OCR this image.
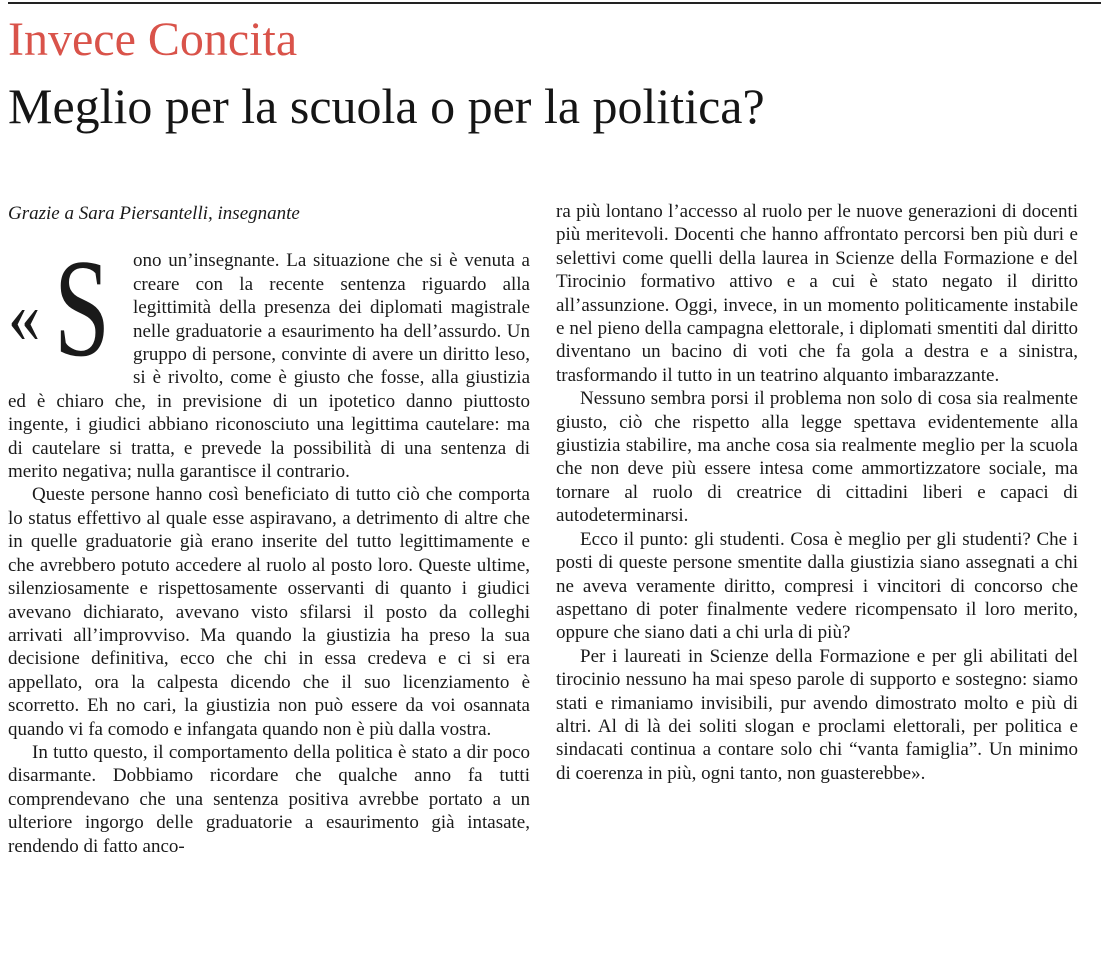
Invece Concita
Meglio per la scuola o per la politica?
Grazie a Sara Piersantelli, insegnante
« S	ono un’insegnante. La situazione che si è venuta a creare con la recente sentenza riguardo alla legittimità della presenza dei diplomati magistrale nelle graduatorie a esaurimento ha dell’assurdo. Un gruppo di persone, convinte di avere un diritto leso, si è rivolto, come è giusto che fosse, alla giustizia ed è chiaro che, in previsione di un ipotetico danno piuttosto ingente, i giudici abbiano riconosciuto una legittima cautelare: ma di cautelare si tratta, e prevede la possibilità di una sentenza di merito negativa; nulla garantisce il contrario.

Queste persone hanno così beneficiato di tutto ciò che comporta lo status effettivo al quale esse aspiravano, a detrimento di altre che in quelle graduatorie già erano inserite del tutto legittimamente e che avrebbero potuto accedere al ruolo al posto loro. Queste ultime, silenziosamente e rispettosamente osservanti di quanto i giudici avevano dichiarato, avevano visto sfilarsi il posto da colleghi arrivati all’improvviso. Ma quando la giustizia ha preso la sua decisione definitiva, ecco che chi in essa credeva e ci si era appellato, ora la calpesta dicendo che il suo licenziamento è scorretto. Eh no cari, la giustizia non può essere da voi osannata quando vi fa comodo e infangata quando non è più dalla vostra.

In tutto questo, il comportamento della politica è stato a dir poco disarmante. Dobbiamo ricordare che qualche anno fa tutti comprendevano che una sentenza positiva avrebbe portato a un ulteriore ingorgo delle graduatorie a esaurimento già intasate, rendendo di fatto anco-

ra più lontano l’accesso al ruolo per le nuove generazioni di docenti più meritevoli. Docenti che hanno affrontato percorsi ben più duri e selettivi come quelli della laurea in Scienze della Formazione e del Tirocinio formativo attivo e a cui è stato negato il diritto all’assunzione. Oggi, invece, in un momento politicamente instabile e nel pieno della campagna elettorale, i diplomati smentiti dal diritto diventano un bacino di voti che fa gola a destra e a sinistra, trasformando il tutto in un teatrino alquanto imbarazzante.

Nessuno sembra porsi il problema non solo di cosa sia realmente giusto, ciò che rispetto alla legge spettava evidentemente alla giustizia stabilire, ma anche cosa sia realmente meglio per la scuola che non deve più essere intesa come ammortizzatore sociale, ma tornare al ruolo di creatrice di cittadini liberi e capaci di autodeterminarsi.

Ecco il punto: gli studenti. Cosa è meglio per gli studenti? Che i posti di queste persone smentite dalla giustizia siano assegnati a chi ne aveva veramente diritto, compresi i vincitori di concorso che aspettano di poter finalmente vedere ricompensato il loro merito, oppure che siano dati a chi urla di più?

Per i laureati in Scienze della Formazione e per gli abilitati del tirocinio nessuno ha mai speso parole di supporto e sostegno: siamo stati e rimaniamo invisibili, pur avendo dimostrato molto e più di altri. Al di là dei soliti slogan e proclami elettorali, per politica e sindacati continua a contare solo chi “vanta famiglia”. Un minimo di coerenza in più, ogni tanto, non guasterebbe».
